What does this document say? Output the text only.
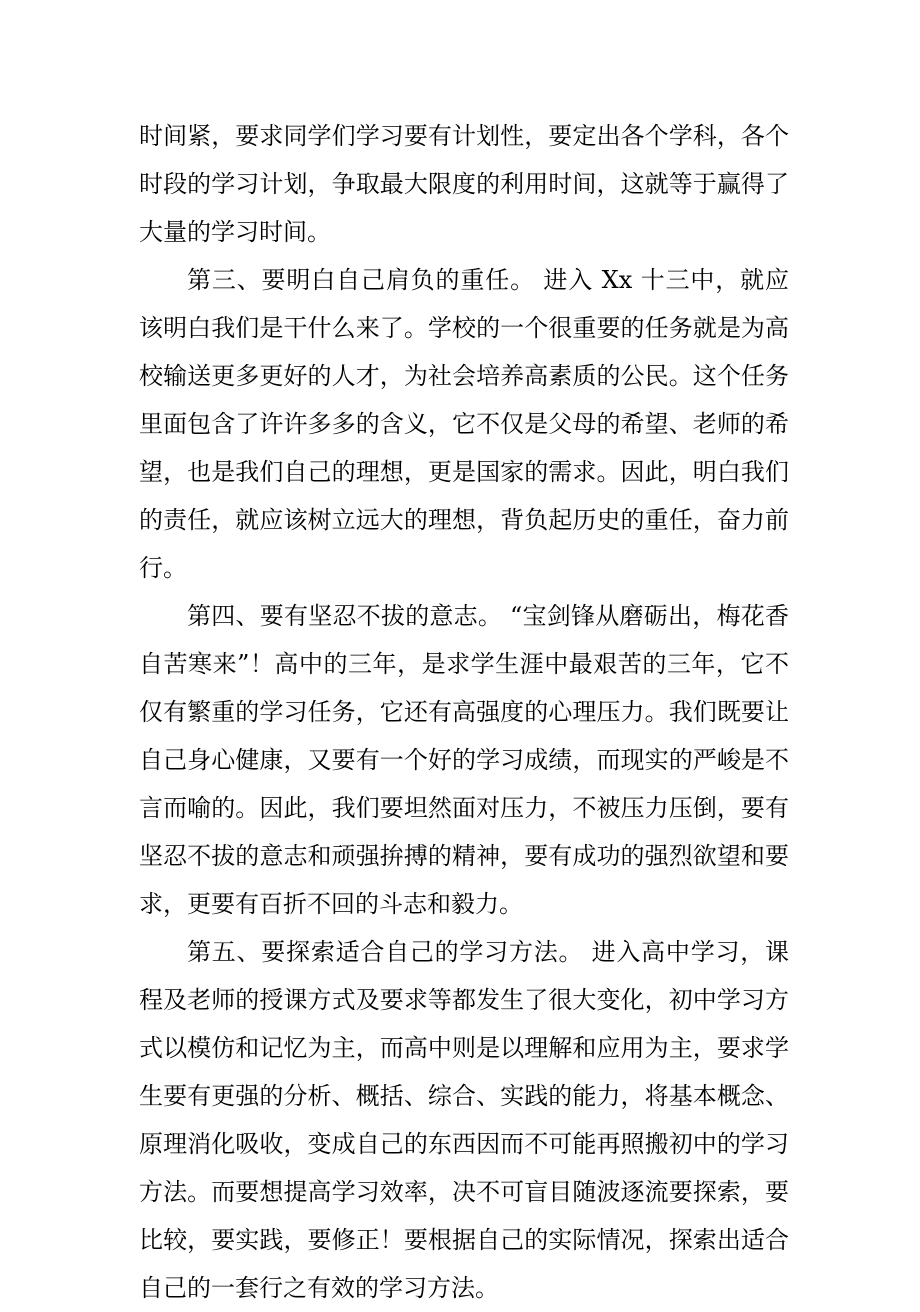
时间紧，要求同学们学习要有计划性，要定出各个学科，各个时段的学习计划，争取最大限度的利用时间，这就等于赢得了大量的学习时间。

第三、要明白自己肩负的重任。 进入 Xx 十三中，就应该明白我们是干什么来了。学校的一个很重要的任务就是为高校输送更多更好的人才，为社会培养高素质的公民。这个任务里面包含了许许多多的含义，它不仅是父母的希望、老师的希望，也是我们自己的理想，更是国家的需求。因此，明白我们的责任，就应该树立远大的理想，背负起历史的重任，奋力前行。

第四、要有坚忍不拔的意志。 “宝剑锋从磨砺出，梅花香自苦寒来”！高中的三年，是求学生涯中最艰苦的三年，它不仅有繁重的学习任务，它还有高强度的心理压力。我们既要让自己身心健康，又要有一个好的学习成绩，而现实的严峻是不言而喻的。因此，我们要坦然面对压力，不被压力压倒，要有坚忍不拔的意志和顽强拚搏的精神，要有成功的强烈欲望和要求，更要有百折不回的斗志和毅力。

第五、要探索适合自己的学习方法。 进入高中学习，课程及老师的授课方式及要求等都发生了很大变化，初中学习方式以模仿和记忆为主，而高中则是以理解和应用为主，要求学生要有更强的分析、概括、综合、实践的能力，将基本概念、原理消化吸收，变成自己的东西因而不可能再照搬初中的学习方法。而要想提高学习效率，决不可盲目随波逐流要探索，要比较，要实践，要修正！要根据自己的实际情况，探索出适合自己的一套行之有效的学习方法。
